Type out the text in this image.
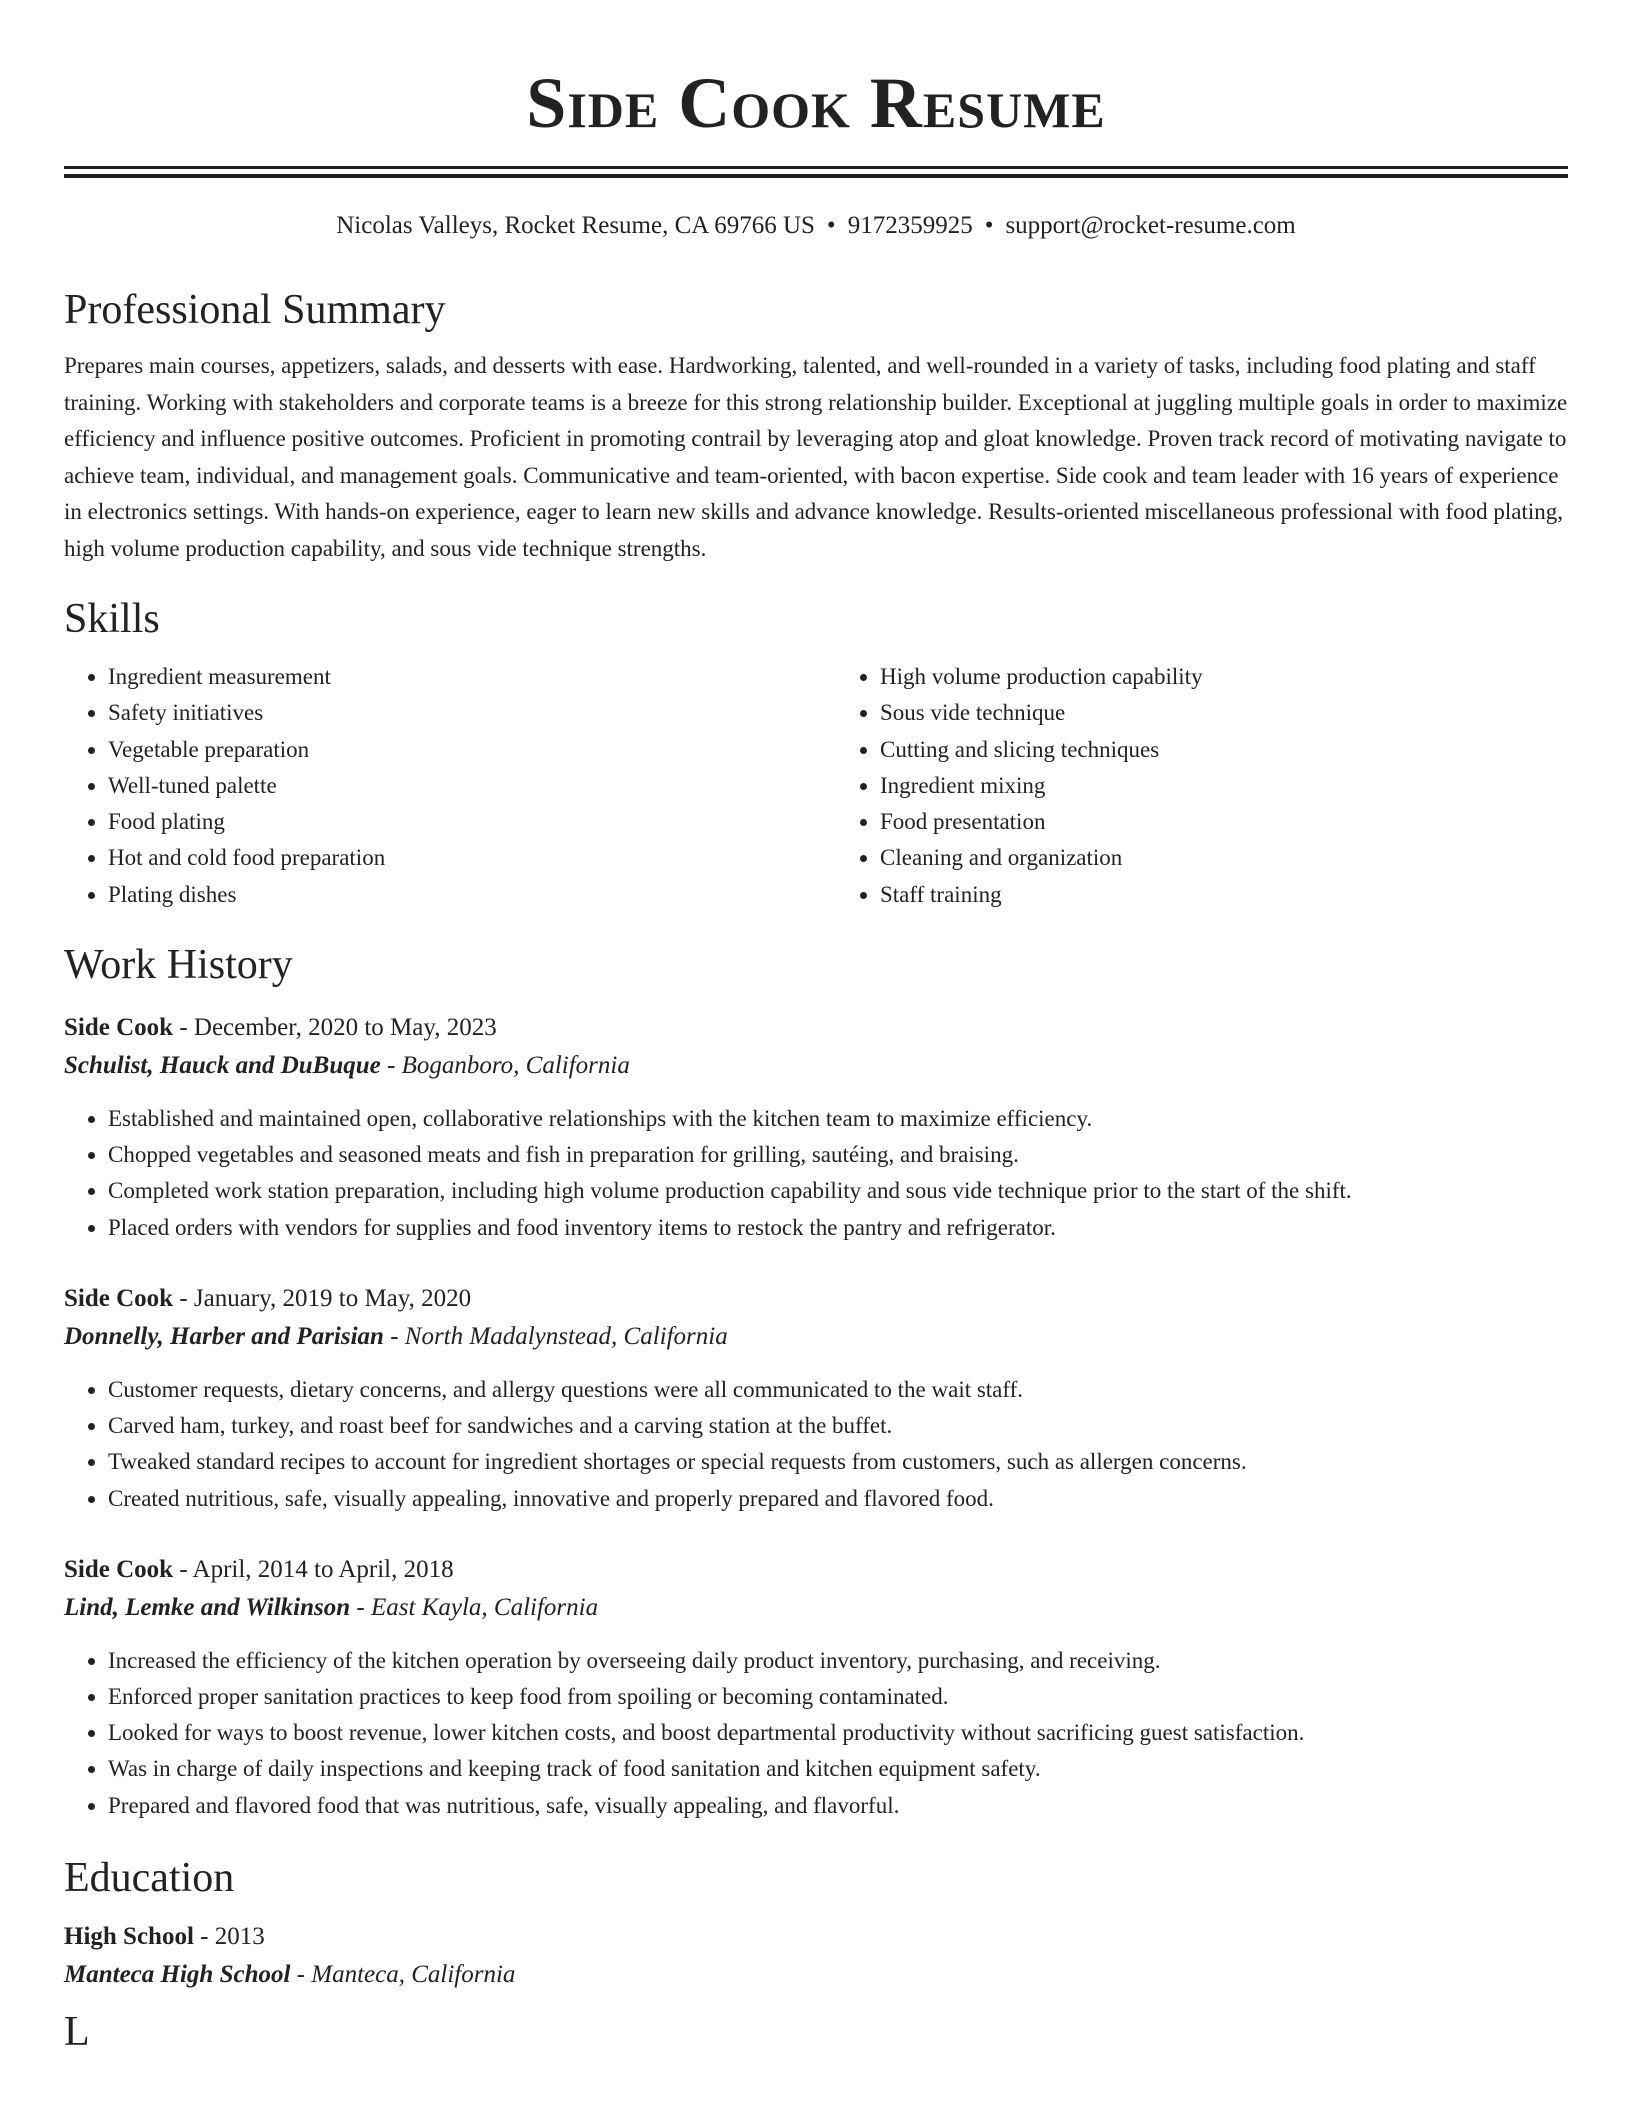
Side Cook Resume
Nicolas Valleys, Rocket Resume, CA 69766 US • 9172359925 • support@rocket-resume.com
Professional Summary

Prepares main courses, appetizers, salads, and desserts with ease. Hardworking, talented, and well-rounded in a variety of tasks, including food plating and staff training. Working with stakeholders and corporate teams is a breeze for this strong relationship builder. Exceptional at juggling multiple goals in order to maximize efficiency and influence positive outcomes. Proficient in promoting contrail by leveraging atop and gloat knowledge. Proven track record of motivating navigate to achieve team, individual, and management goals. Communicative and team-oriented, with bacon expertise. Side cook and team leader with 16 years of experience in electronics settings. With hands-on experience, eager to learn new skills and advance knowledge. Results-oriented miscellaneous professional with food plating, high volume production capability, and sous vide technique strengths.

Skills
• Ingredient measurement
• Safety initiatives
• Vegetable preparation
• Well-tuned palette
• Food plating
• Hot and cold food preparation
• Plating dishes
• High volume production capability
• Sous vide technique
• Cutting and slicing techniques
• Ingredient mixing
• Food presentation
• Cleaning and organization
• Staff training
Work History
Side Cook - December, 2020 to May, 2023
Schulist, Hauck and DuBuque - Boganboro, California
• Established and maintained open, collaborative relationships with the kitchen team to maximize efficiency.
• Chopped vegetables and seasoned meats and fish in preparation for grilling, sautéing, and braising.
• Completed work station preparation, including high volume production capability and sous vide technique prior to the start of the shift.
• Placed orders with vendors for supplies and food inventory items to restock the pantry and refrigerator.
Side Cook - January, 2019 to May, 2020
Donnelly, Harber and Parisian - North Madalynstead, California
• Customer requests, dietary concerns, and allergy questions were all communicated to the wait staff.
• Carved ham, turkey, and roast beef for sandwiches and a carving station at the buffet.
• Tweaked standard recipes to account for ingredient shortages or special requests from customers, such as allergen concerns.
• Created nutritious, safe, visually appealing, innovative and properly prepared and flavored food.
Side Cook - April, 2014 to April, 2018
Lind, Lemke and Wilkinson - East Kayla, California
• Increased the efficiency of the kitchen operation by overseeing daily product inventory, purchasing, and receiving.
• Enforced proper sanitation practices to keep food from spoiling or becoming contaminated.
• Looked for ways to boost revenue, lower kitchen costs, and boost departmental productivity without sacrificing guest satisfaction.
• Was in charge of daily inspections and keeping track of food sanitation and kitchen equipment safety.
• Prepared and flavored food that was nutritious, safe, visually appealing, and flavorful.
Education
High School - 2013
Manteca High School - Manteca, California
L
